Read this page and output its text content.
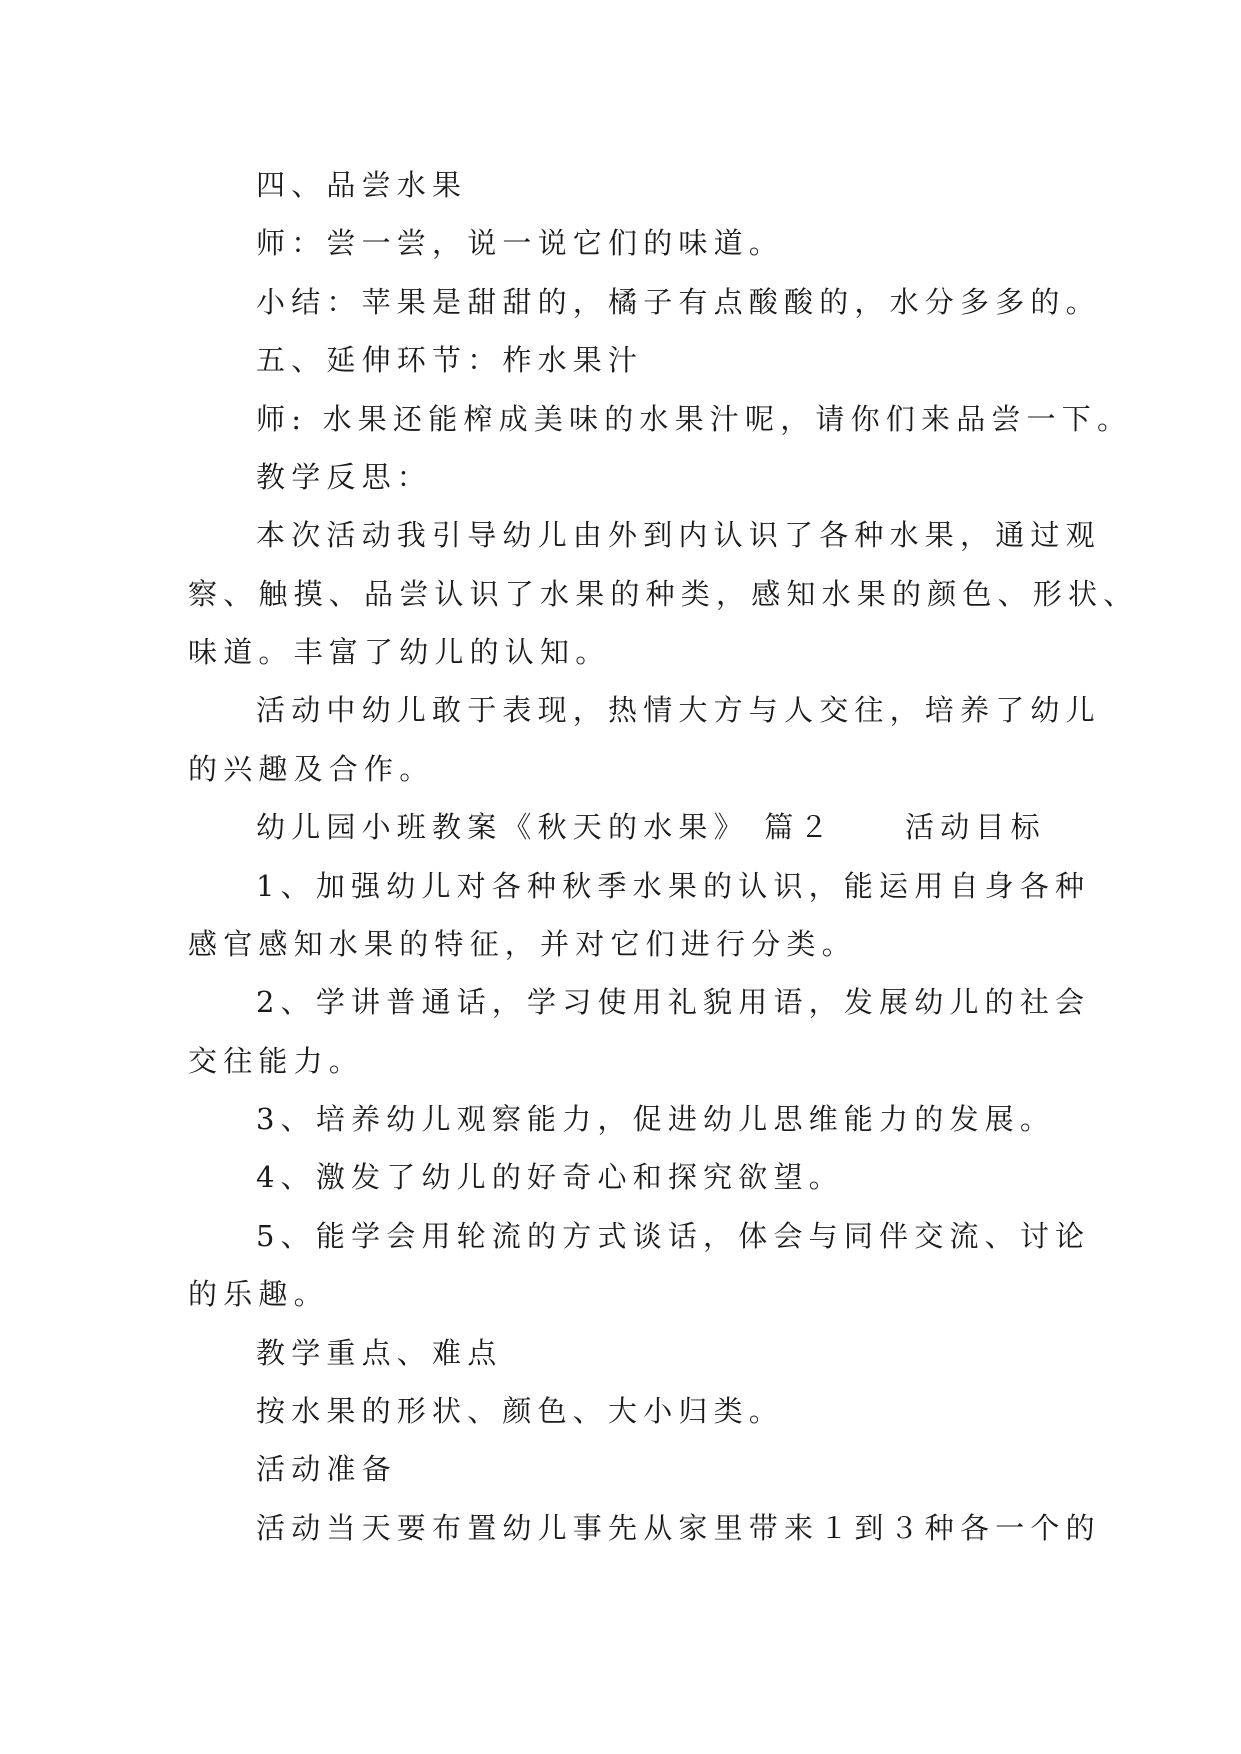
四、品尝水果
师：尝一尝，说一说它们的味道。
小结：苹果是甜甜的，橘子有点酸酸的，水分多多的。
五、延伸环节：柞水果汁
师: 水果还能榨成美味的水果汁呢，请你们来品尝一下。
教学反思：
本次活动我引导幼儿由外到内认识了各种水果，通过观
察、触摸、品尝认识了水果的种类，感知水果的颜色、形状、
味道。丰富了幼儿的认知。
活动中幼儿敢于表现，热情大方与人交往，培养了幼儿
的兴趣及合作。
幼儿园小班教案《秋天的水果》 篇２　　活动目标
1、加强幼儿对各种秋季水果的认识，能运用自身各种
感官感知水果的特征，并对它们进行分类。
2、学讲普通话，学习使用礼貌用语，发展幼儿的社会
交往能力。
3、培养幼儿观察能力，促进幼儿思维能力的发展。
4、激发了幼儿的好奇心和探究欲望。
5、能学会用轮流的方式谈话，体会与同伴交流、讨论
的乐趣。
教学重点、难点
按水果的形状、颜色、大小归类。
活动准备
活动当天要布置幼儿事先从家里带来１到３种各一个的
